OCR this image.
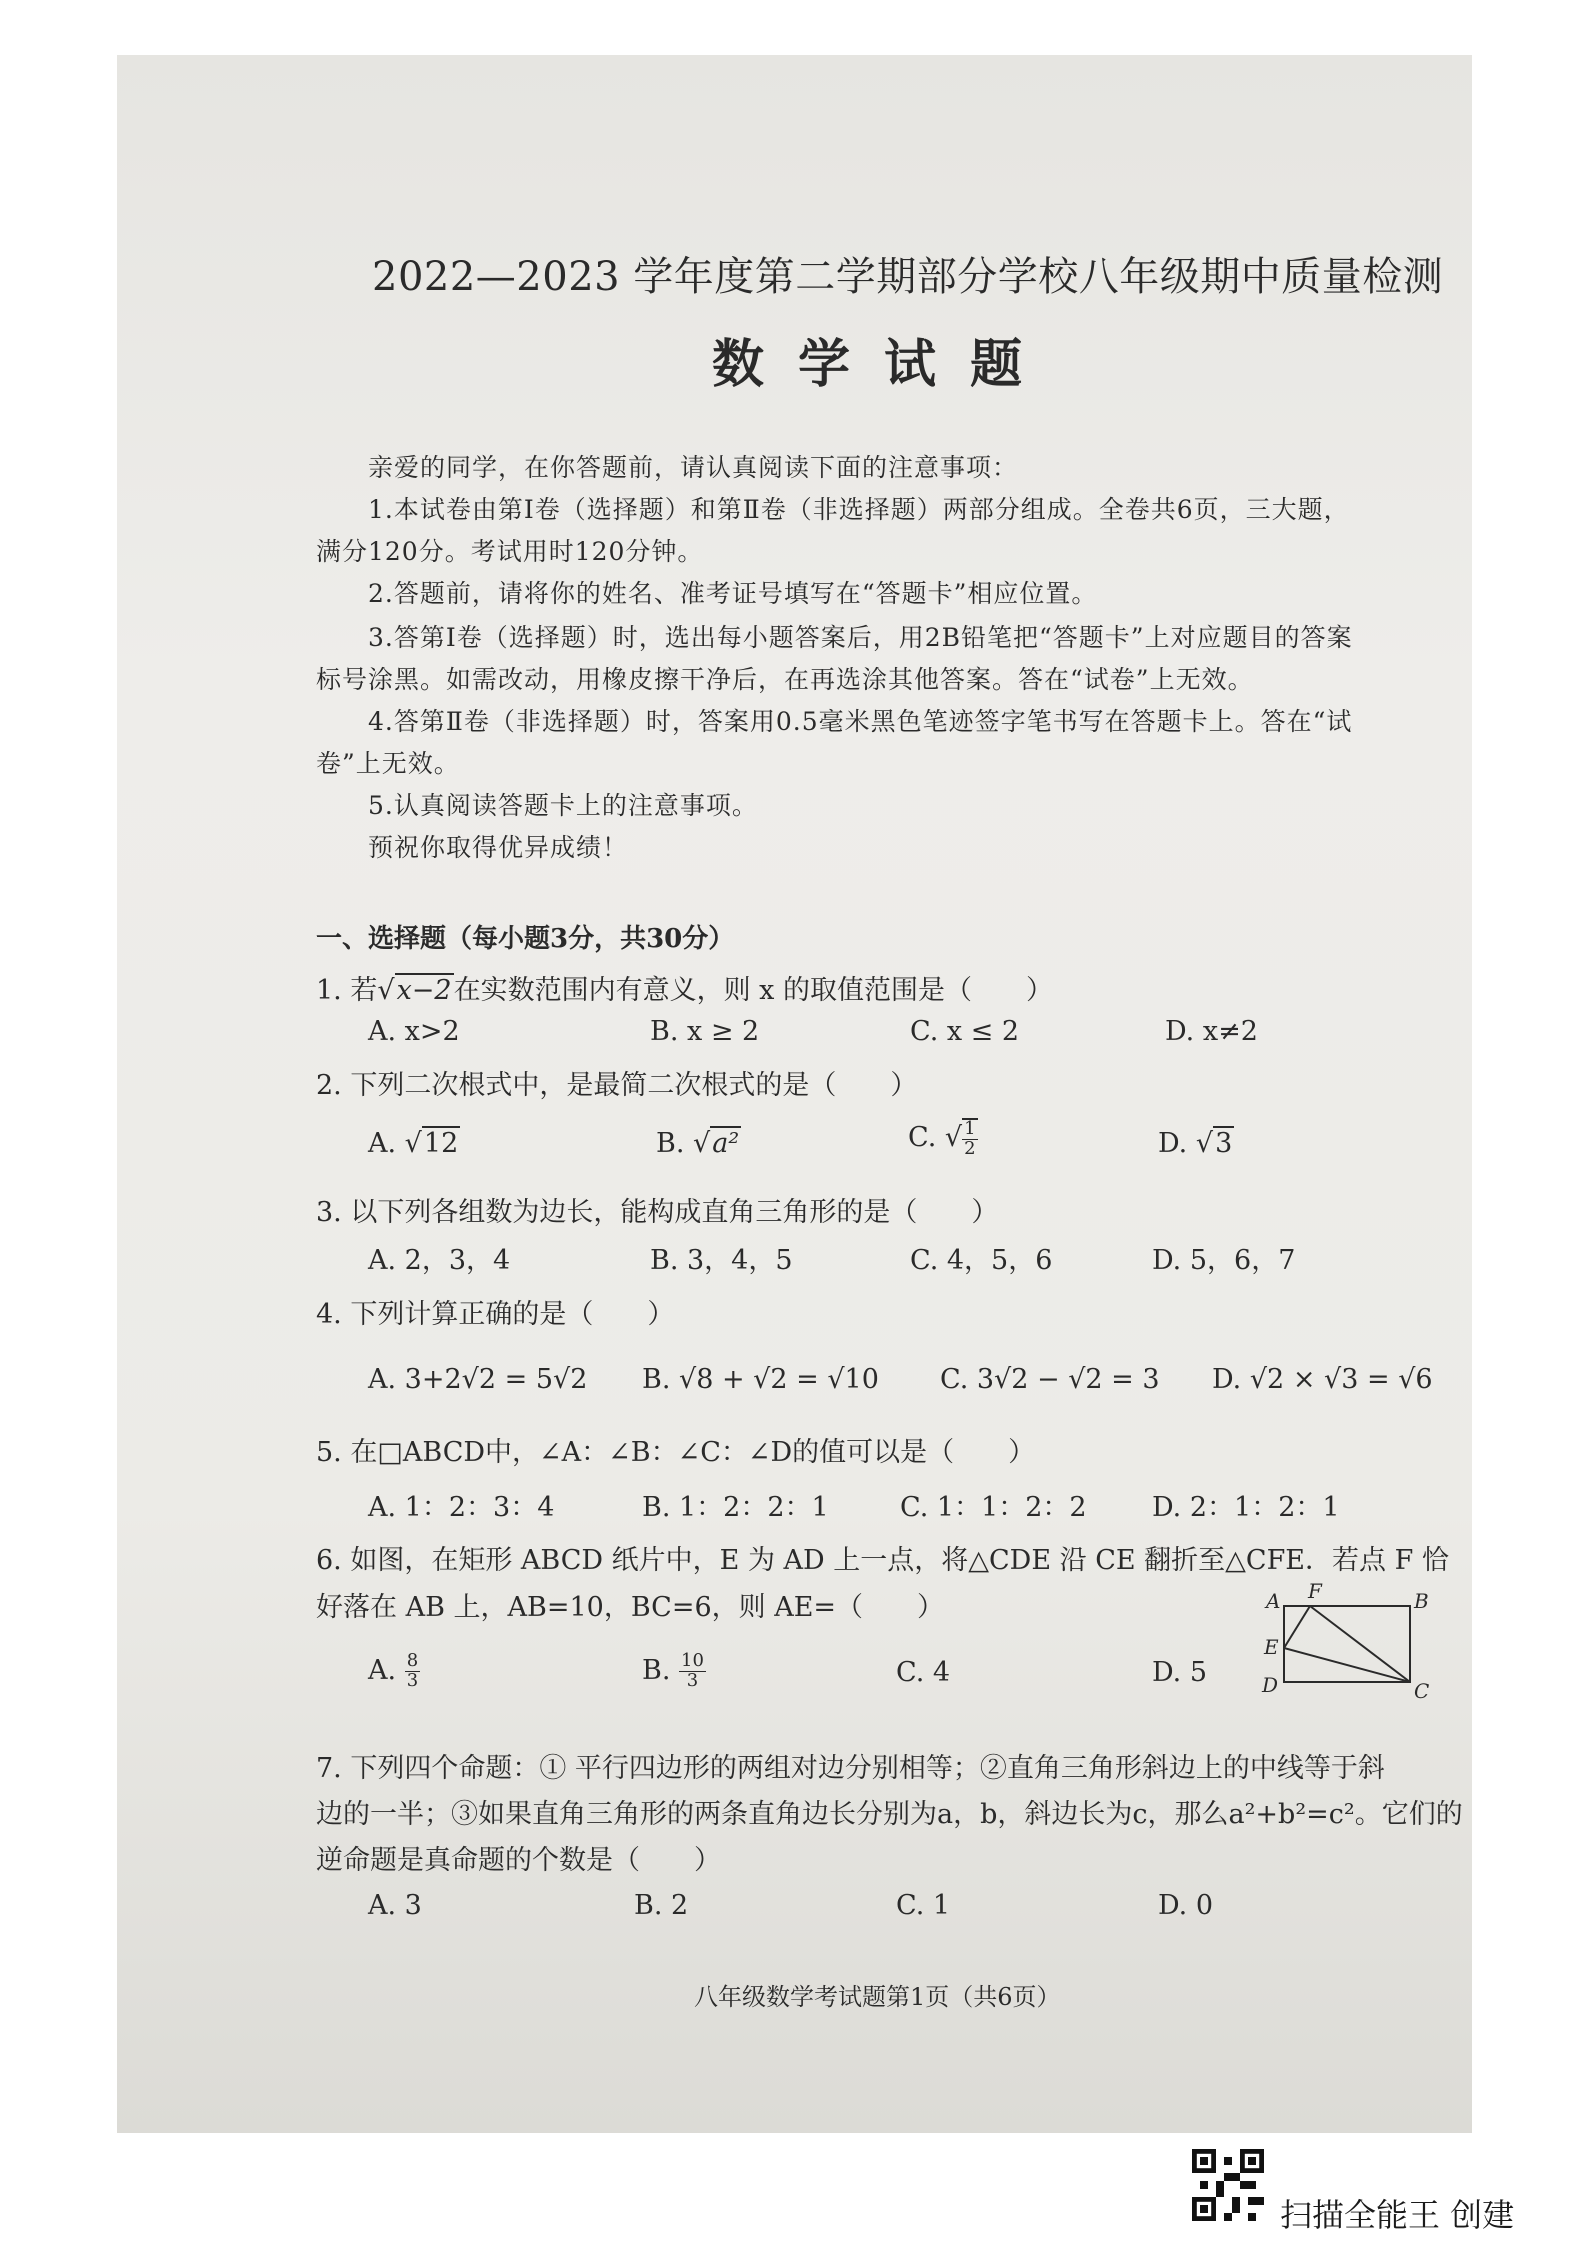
2022—2023 学年度第二学期部分学校八年级期中质量检测
数学试题
亲爱的同学，在你答题前，请认真阅读下面的注意事项：
1.本试卷由第Ⅰ卷（选择题）和第Ⅱ卷（非选择题）两部分组成。全卷共6页，三大题，
满分120分。考试用时120分钟。
2.答题前，请将你的姓名、准考证号填写在“答题卡”相应位置。
3.答第Ⅰ卷（选择题）时，选出每小题答案后，用2B铅笔把“答题卡”上对应题目的答案
标号涂黑。如需改动，用橡皮擦干净后，在再选涂其他答案。答在“试卷”上无效。
4.答第Ⅱ卷（非选择题）时，答案用0.5毫米黑色笔迹签字笔书写在答题卡上。答在“试
卷”上无效。
5.认真阅读答题卡上的注意事项。
预祝你取得优异成绩！
一、选择题（每小题3分，共30分）
1. 若√x−2在实数范围内有意义，则 x 的取值范围是（　　）
A. x>2	B. x ≥ 2	C. x ≤ 2	D. x≠2
2. 下列二次根式中，是最简二次根式的是（　　）
A. √12	B. √a²	C. √ $\frac{1}{2}$	D. √3
3. 以下列各组数为边长，能构成直角三角形的是（　　）
A. 2，3，4	B. 3，4，5	C. 4，5，6	D. 5，6，7
4. 下列计算正确的是（　　）
A. 3+2√2 = 5√2 B. √8 + √2 = √10 C. 3√2 − √2 = 3 D. √2 × √3 = √6
5. 在□ABCD中，∠A：∠B：∠C：∠D的值可以是（　　）
A. 1：2：3：4	B. 1：2：2：1	C. 1：1：2：2 D. 2：1：2：1
6. 如图，在矩形 ABCD 纸片中，E 为 AD 上一点，将△CDE 沿 CE 翻折至△CFE．若点 F 恰
好落在 AB 上，AB=10，BC=6，则 AE=（　　）
A. $\frac{8}{3}$	B. $\frac{10}{3}$	C. 4	D. 5
A F	B
E
D	C
7. 下列四个命题：① 平行四边形的两组对边分别相等；②直角三角形斜边上的中线等于斜
边的一半；③如果直角三角形的两条直角边长分别为a，b，斜边长为c，那么a²+b²=c²。它们的
逆命题是真命题的个数是（　　）
A. 3	B. 2	C. 1	D. 0
八年级数学考试题第1页（共6页）
扫描全能王 创建
